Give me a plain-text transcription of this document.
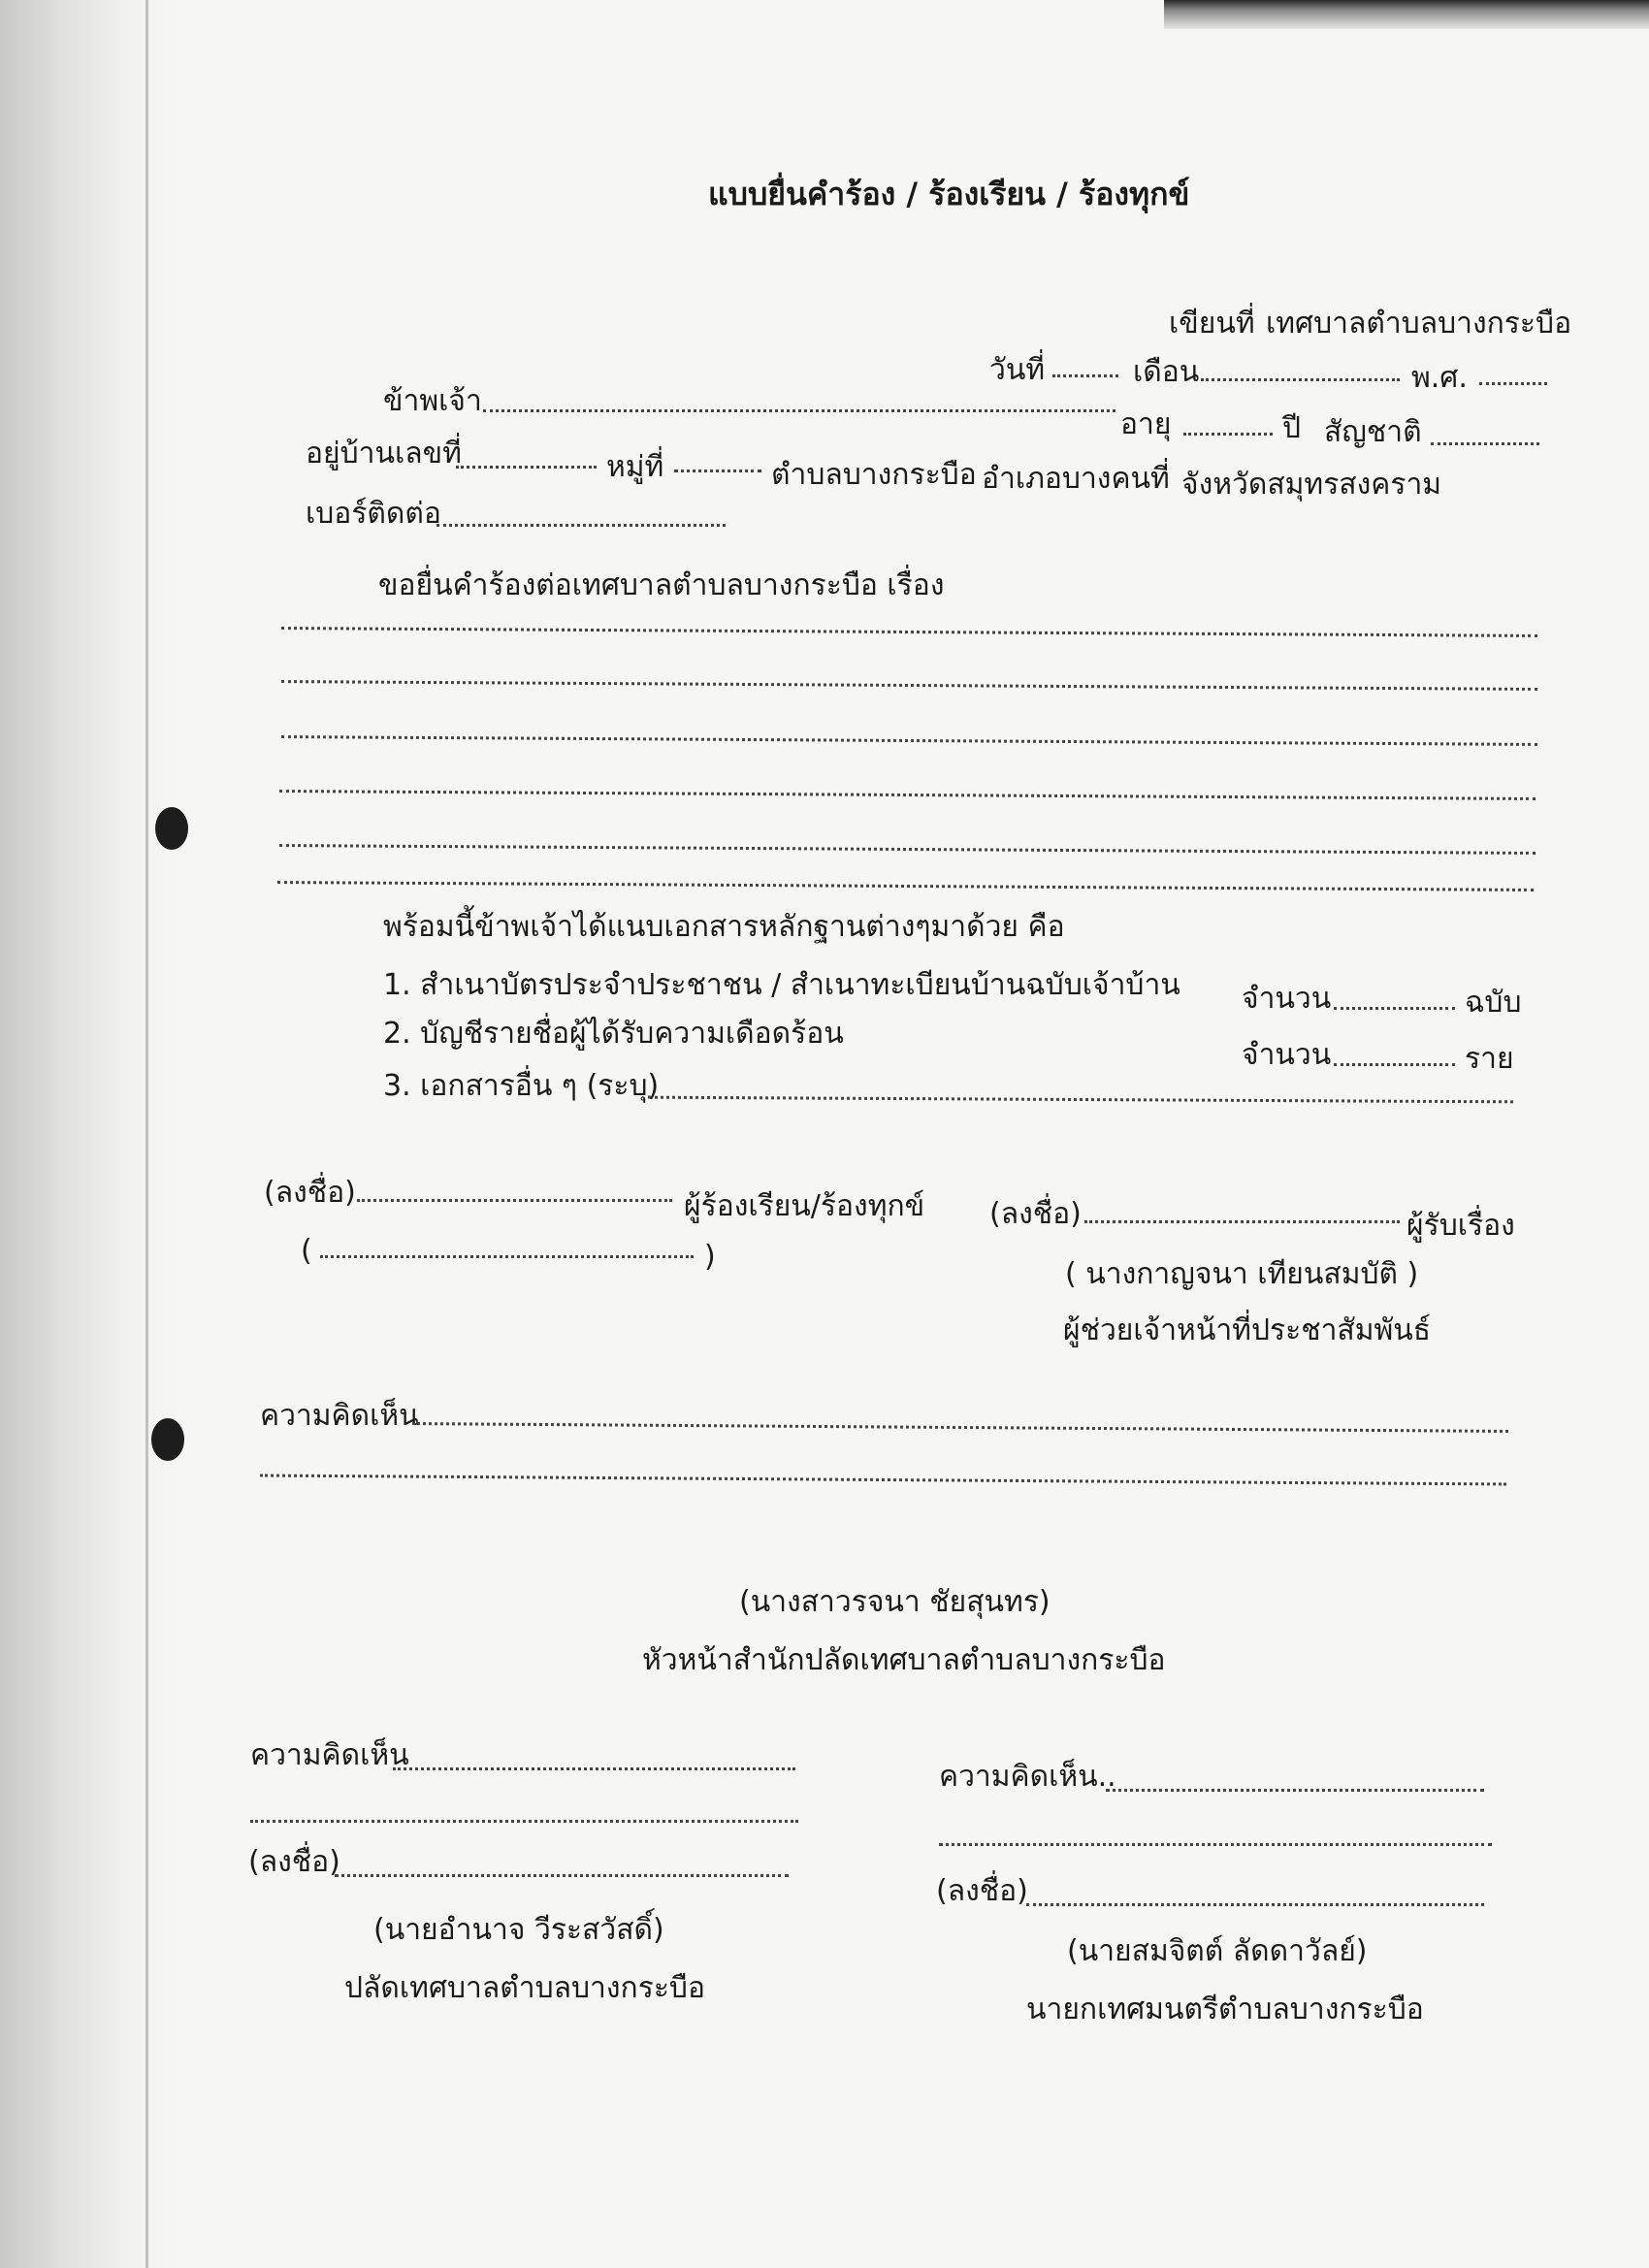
แบบยื่นคำร้อง / ร้องเรียน / ร้องทุกข์
เขียนที่ เทศบาลตำบลบางกระบือ
วันที่	เดือน	พ.ศ.
ข้าพเจ้า
อายุ	ปี สัญชาติ
อยู่บ้านเลขที่	หมู่ที่	ตำบลบางกระบือ อำเภอบางคนที่ จังหวัดสมุทรสงคราม
เบอร์ติดต่อ
ขอยื่นคำร้องต่อเทศบาลตำบลบางกระบือ เรื่อง
พร้อมนี้ข้าพเจ้าได้แนบเอกสารหลักฐานต่างๆมาด้วย คือ
1. สำเนาบัตรประจำประชาชน / สำเนาทะเบียนบ้านฉบับเจ้าบ้าน จำนวน	ฉบับ
2. บัญชีรายชื่อผู้ได้รับความเดือดร้อน
จำนวน	ราย
3. เอกสารอื่น ๆ (ระบุ)
(ลงชื่อ)	ผู้ร้องเรียน/ร้องทุกข์
(	)
(ลงชื่อ)	ผู้รับเรื่อง
( นางกาญจนา เทียนสมบัติ )
ผู้ช่วยเจ้าหน้าที่ประชาสัมพันธ์
ความคิดเห็น
(นางสาวรจนา ชัยสุนทร)
หัวหน้าสำนักปลัดเทศบาลตำบลบางกระบือ
ความคิดเห็น
(ลงชื่อ)
(นายอำนาจ วีระสวัสดิ์)
ปลัดเทศบาลตำบลบางกระบือ
ความคิดเห็น..
(ลงชื่อ)
(นายสมจิตต์ ลัดดาวัลย์)
นายกเทศมนตรีตำบลบางกระบือ
